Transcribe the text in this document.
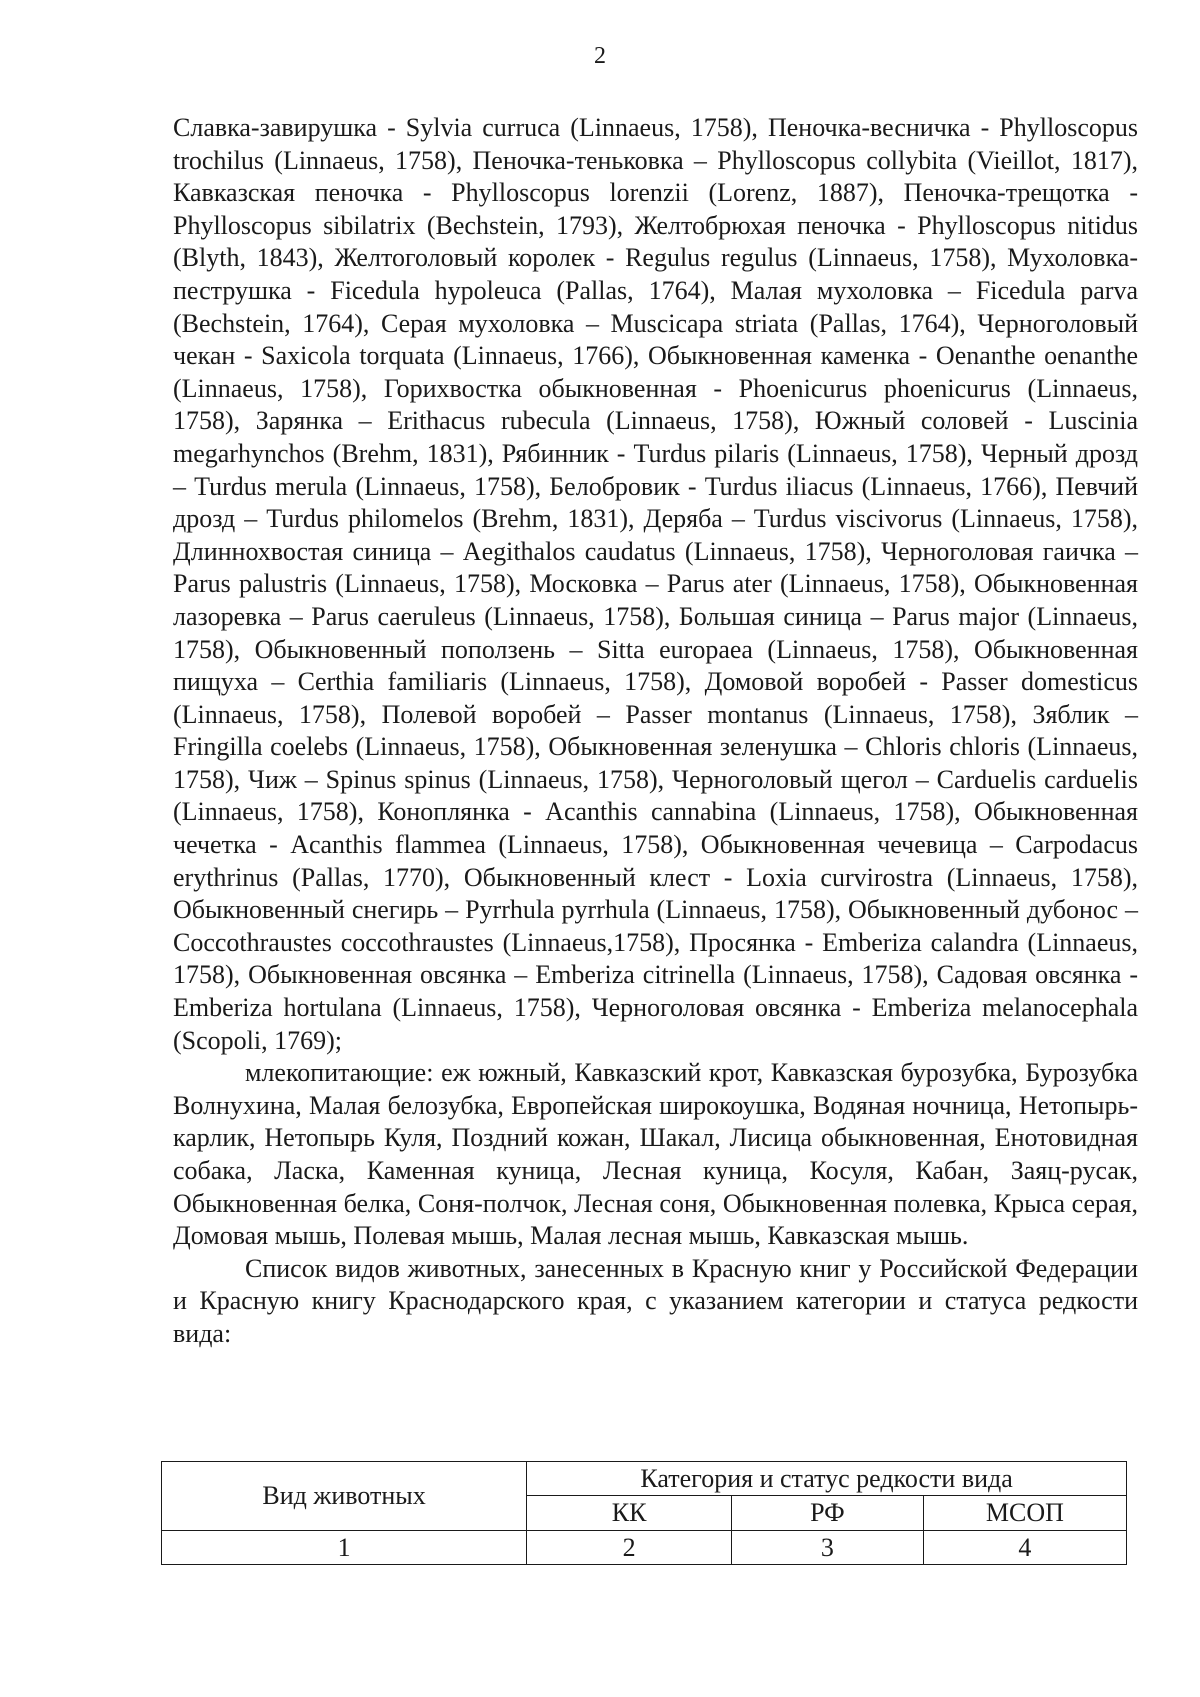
2

Славка-завирушка - Sylvia curruca (Linnaeus, 1758), Пеночка-весничка - Phylloscopus trochilus (Linnaeus, 1758), Пеночка-теньковка – Phylloscopus collybita (Vieillot, 1817), Кавказская пеночка - Phylloscopus lorenzii (Lorenz, 1887), Пеночка-трещотка - Phylloscopus sibilatrix (Bechstein, 1793), Желтобрюхая пеночка - Phylloscopus nitidus (Blyth, 1843), Желтоголовый королек - Regulus regulus (Linnaeus, 1758), Мухоловка-пеструшка - Ficedula hypoleuca (Pallas, 1764), Малая мухоловка – Ficedula parva (Bechstein, 1764), Серая мухоловка – Muscicapa striata (Pallas, 1764), Черноголовый чекан - Saxicola torquata (Linnaeus, 1766), Обыкновенная каменка - Oenanthe oenanthe (Linnaeus, 1758), Горихвостка обыкновенная - Phoenicurus phoenicurus (Linnaeus, 1758), Зарянка – Erithacus rubecula (Linnaeus, 1758), Южный соловей - Luscinia megarhynchos (Brehm, 1831), Рябинник - Turdus pilaris (Linnaeus, 1758), Черный дрозд – Turdus merula (Linnaeus, 1758), Белобровик - Turdus iliacus (Linnaeus, 1766), Певчий дрозд – Turdus philomelos (Brehm, 1831), Деряба – Turdus viscivorus (Linnaeus, 1758), Длиннохвостая синица – Aegithalos caudatus (Linnaeus, 1758), Черноголовая гаичка – Parus palustris (Linnaeus, 1758), Московка – Parus ater (Linnaeus, 1758), Обыкновенная лазоревка – Parus caeruleus (Linnaeus, 1758), Большая синица – Parus major (Linnaeus, 1758), Обыкновенный поползень – Sitta europaea (Linnaeus, 1758), Обыкновенная пищуха – Certhia familiaris (Linnaeus, 1758), Домовой воробей - Passer domesticus (Linnaeus, 1758), Полевой воробей – Passer montanus (Linnaeus, 1758), Зяблик – Fringilla coelebs (Linnaeus, 1758), Обыкновенная зеленушка – Chloris chloris (Linnaeus, 1758), Чиж – Spinus spinus (Linnaeus, 1758), Черноголовый щегол – Carduelis carduelis (Linnaeus, 1758), Коноплянка - Acanthis cannabina (Linnaeus, 1758), Обыкновенная чечетка - Acanthis flammea (Linnaeus, 1758), Обыкновенная чечевица – Carpodacus erythrinus (Pallas, 1770), Обыкновенный клест - Loxia curvirostra (Linnaeus, 1758), Обыкновенный снегирь – Pyrrhula pyrrhula (Linnaeus, 1758), Обыкновенный дубонос – Coccothraustes coccothraustes (Linnaeus,1758), Просянка - Emberiza calandra (Linnaeus, 1758), Обыкновенная овсянка – Emberiza citrinella (Linnaeus, 1758), Садовая овсянка - Emberiza hortulana (Linnaeus, 1758), Черноголовая овсянка - Emberiza melanocephala (Scopoli, 1769);

млекопитающие: еж южный, Кавказский крот, Кавказская бурозубка, Бурозубка Волнухина, Малая белозубка, Европейская широкоушка, Водяная ночница, Нетопырь-карлик, Нетопырь Куля, Поздний кожан, Шакал, Лисица обыкновенная, Енотовидная собака, Ласка, Каменная куница, Лесная куница, Косуля, Кабан, Заяц-русак, Обыкновенная белка, Соня-полчок, Лесная соня, Обыкновенная полевка, Крыса серая, Домовая мышь, Полевая мышь, Малая лесная мышь, Кавказская мышь.

Список видов животных, занесенных в Красную книг у Российской Федерации и Красную книгу Краснодарского края, с указанием категории и статуса редкости вида:

Вид животных	Категория и статус редкости вида		
	КК	РФ	МСОП
1	2	3	4
